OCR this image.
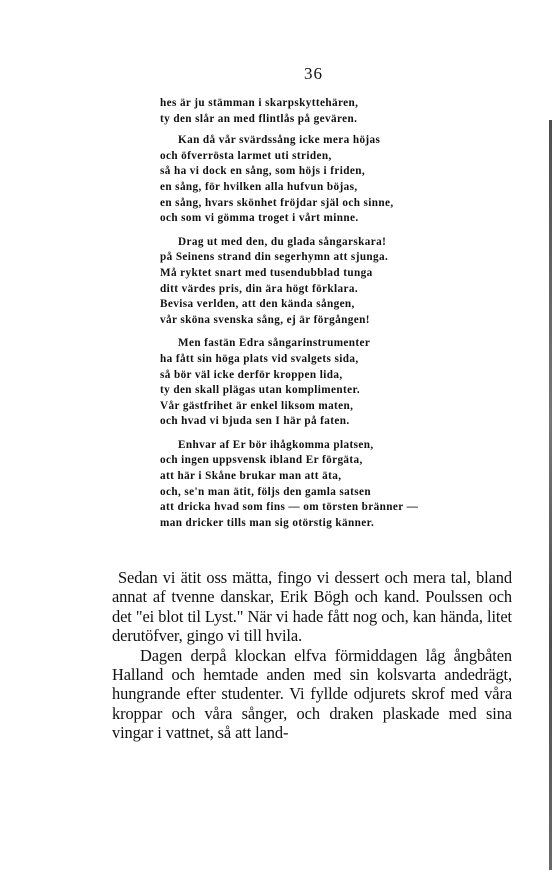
36
hes är ju stämman i skarpskyttehären,
ty den slår an med flintlås på gevären.
Kan då vår svärdssång icke mera höjas
och öfverrösta larmet uti striden,
så ha vi dock en sång, som höjs i friden,
en sång, för hvilken alla hufvun böjas,
en sång, hvars skönhet fröjdar själ och sinne,
och som vi gömma troget i vårt minne.
Drag ut med den, du glada sångarskara!
på Seinens strand din segerhymn att sjunga.
Må ryktet snart med tusendubblad tunga
ditt värdes pris, din ära högt förklara.
Bevisa verlden, att den kända sången,
vår sköna svenska sång, ej är förgången!
Men fastän Edra sångarinstrumenter
ha fått sin höga plats vid svalgets sida,
så bör väl icke derför kroppen lida,
ty den skall plägas utan komplimenter.
Vår gästfrihet är enkel liksom maten,
och hvad vi bjuda sen I här på faten.
Enhvar af Er bör ihågkomma platsen,
och ingen uppsvensk ibland Er förgäta,
att här i Skåne brukar man att äta,
och, se'n man ätit, följs den gamla satsen
att dricka hvad som fins — om törsten bränner —
man dricker tills man sig otörstig känner.

Sedan vi ätit oss mätta, fingo vi dessert och mera tal, bland annat af tvenne danskar, Erik Bögh och kand. Poulssen och det "ei blot til Lyst." När vi hade fått nog och, kan hända, litet derutöfver, gingo vi till hvila.

Dagen derpå klockan elfva förmiddagen låg ångbåten Halland och hemtade anden med sin kolsvarta andedrägt, hungrande efter studenter. Vi fyllde odjurets skrof med våra kroppar och våra sånger, och draken plaskade med sina vingar i vattnet, så att land-
